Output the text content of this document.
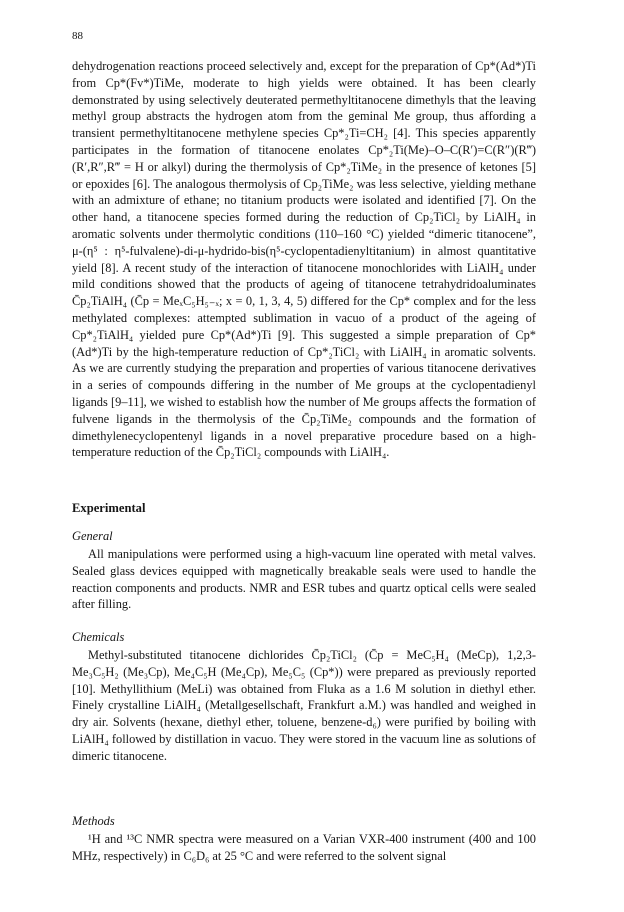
88

dehydrogenation reactions proceed selectively and, except for the preparation of Cp*(Ad*)Ti from Cp*(Fv*)TiMe, moderate to high yields were obtained. It has been clearly demonstrated by using selectively deuterated permethyltitanocene dimethyls that the leaving methyl group abstracts the hydrogen atom from the geminal Me group, thus affording a transient permethyltitanocene methylene species Cp*₂Ti=CH₂ [4]. This species apparently participates in the formation of titanocene enolates Cp*₂Ti(Me)–O–C(R′)=C(R″)(R‴) (R′,R″,R‴ = H or alkyl) during the thermolysis of Cp*₂TiMe₂ in the presence of ketones [5] or epoxides [6]. The analogous thermolysis of Cp₂TiMe₂ was less selective, yielding methane with an admixture of ethane; no titanium products were isolated and identified [7]. On the other hand, a titanocene species formed during the reduction of Cp₂TiCl₂ by LiAlH₄ in aromatic solvents under thermolytic conditions (110–160 °C) yielded “dimeric titanocene”, μ-(η⁵ : η⁵-fulvalene)-di-μ-hydrido-bis(η⁵-cyclopentadienyltitanium) in almost quantitative yield [8]. A recent study of the interaction of titanocene monochlorides with LiAlH₄ under mild conditions showed that the products of ageing of titanocene tetrahydridoaluminates C̄p₂TiAlH₄ (C̄p = MeₓC₅H₅₋ₓ; x = 0, 1, 3, 4, 5) differed for the Cp* complex and for the less methylated complexes: attempted sublimation in vacuo of a product of the ageing of Cp*₂TiAlH₄ yielded pure Cp*(Ad*)Ti [9]. This suggested a simple preparation of Cp*(Ad*)Ti by the high-temperature reduction of Cp*₂TiCl₂ with LiAlH₄ in aromatic solvents. As we are currently studying the preparation and properties of various titanocene derivatives in a series of compounds differing in the number of Me groups at the cyclopentadienyl ligands [9–11], we wished to establish how the number of Me groups affects the formation of fulvene ligands in the thermolysis of the C̄p₂TiMe₂ compounds and the formation of dimethylenecyclopentenyl ligands in a novel preparative procedure based on a high-temperature reduction of the C̄p₂TiCl₂ compounds with LiAlH₄.

Experimental
General

All manipulations were performed using a high-vacuum line operated with metal valves. Sealed glass devices equipped with magnetically breakable seals were used to handle the reaction components and products. NMR and ESR tubes and quartz optical cells were sealed after filling.

Chemicals

Methyl-substituted titanocene dichlorides C̄p₂TiCl₂ (C̄p = MeC₅H₄ (MeCp), 1,2,3-Me₃C₅H₂ (Me₃Cp), Me₄C₅H (Me₄Cp), Me₅C₅ (Cp*)) were prepared as previously reported [10]. Methyllithium (MeLi) was obtained from Fluka as a 1.6 M solution in diethyl ether. Finely crystalline LiAlH₄ (Metallgesellschaft, Frankfurt a.M.) was handled and weighed in dry air. Solvents (hexane, diethyl ether, toluene, benzene-d₆) were purified by boiling with LiAlH₄ followed by distillation in vacuo. They were stored in the vacuum line as solutions of dimeric titanocene.

Methods

¹H and ¹³C NMR spectra were measured on a Varian VXR-400 instrument (400 and 100 MHz, respectively) in C₆D₆ at 25 °C and were referred to the solvent signal
